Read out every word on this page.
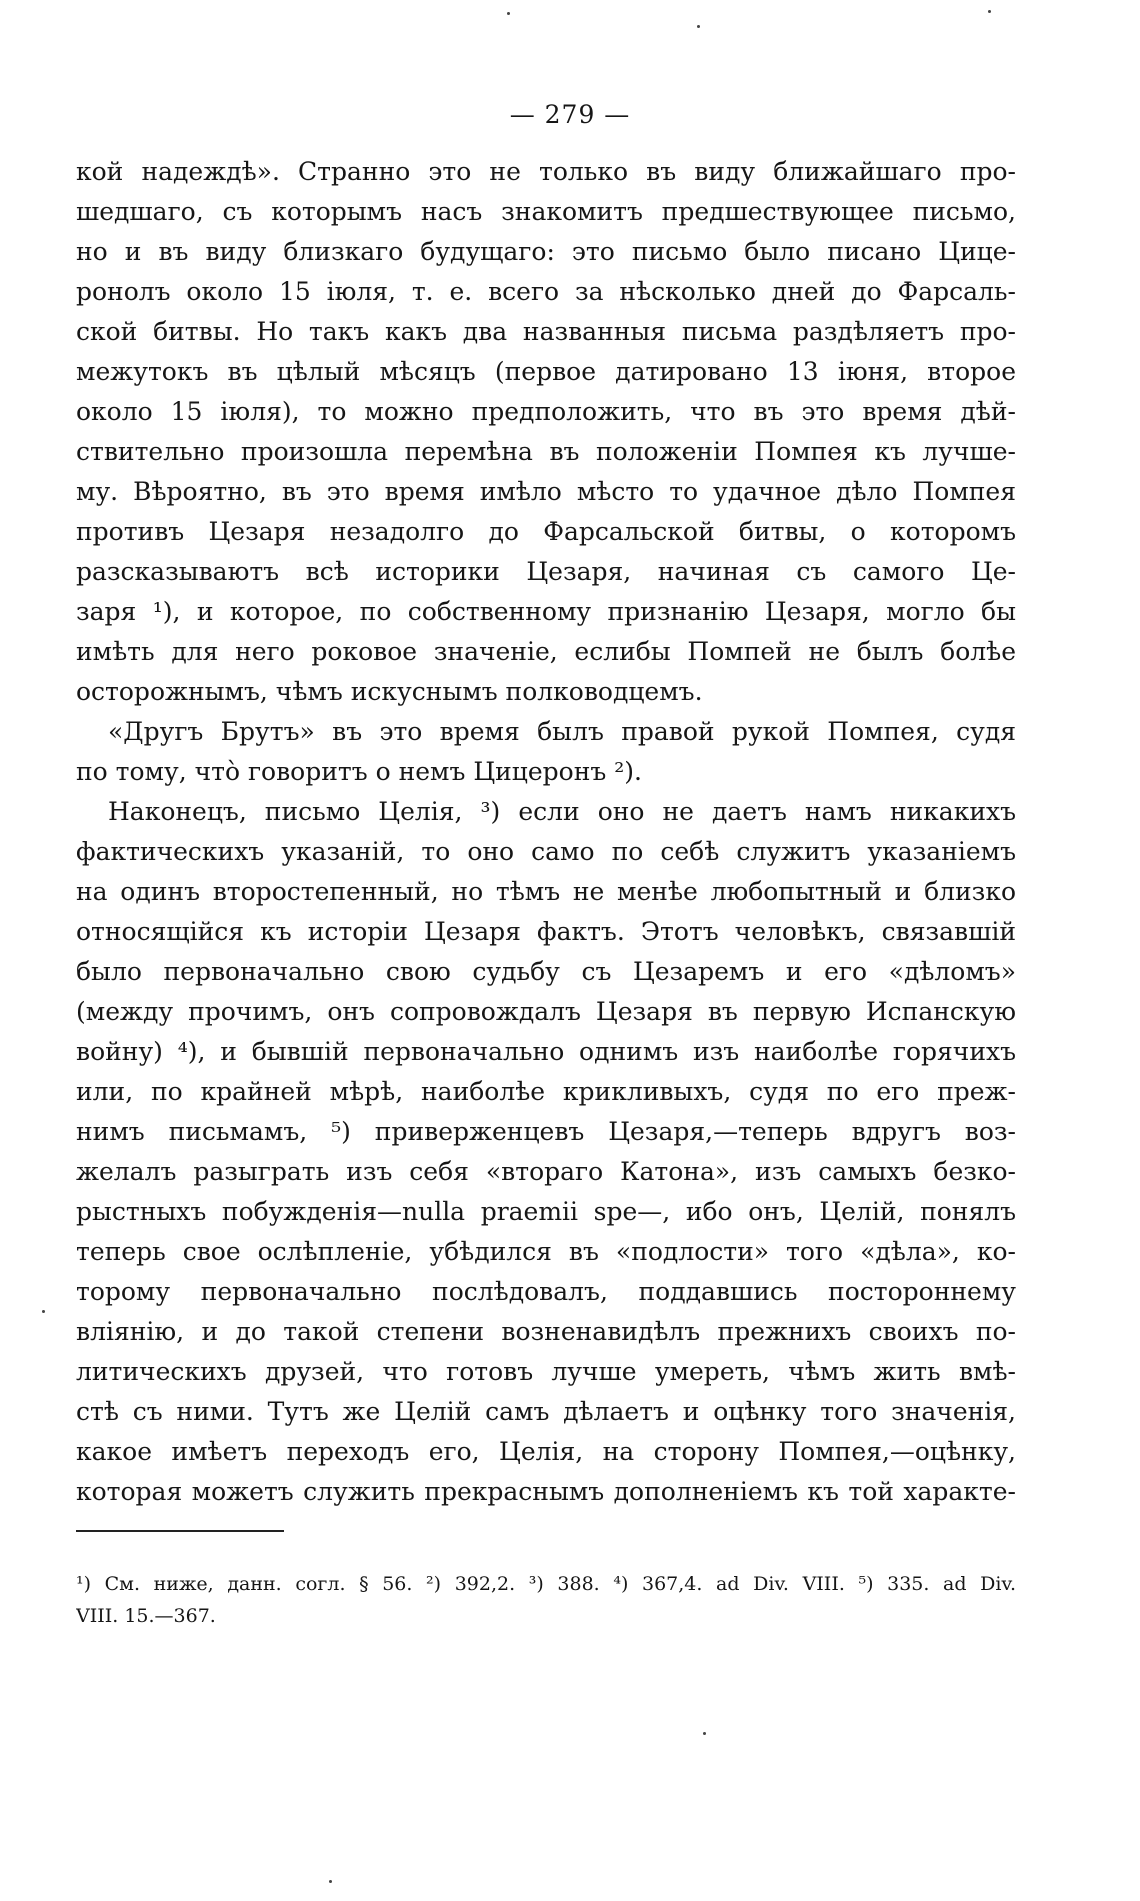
— 279 —
кой надеждѣ». Странно это не только въ виду ближайшаго про-
шедшаго, съ которымъ насъ знакомитъ предшествующее письмо,
но и въ виду близкаго будущаго: это письмо было писано Цице-
ронолъ около 15 іюля, т. е. всего за нѣсколько дней до Фарсаль-
ской битвы. Но такъ какъ два названныя письма раздѣляетъ про-
межутокъ въ цѣлый мѣсяцъ (первое датировано 13 іюня, второе
около 15 іюля), то можно предположить, что въ это время дѣй-
ствительно произошла перемѣна въ положеніи Помпея къ лучше-
му. Вѣроятно, въ это время имѣло мѣсто то удачное дѣло Помпея
противъ Цезаря незадолго до Фарсальской битвы, о которомъ
разсказываютъ всѣ историки Цезаря, начиная съ самого Це-
заря ¹), и которое, по собственному признанію Цезаря, могло бы
имѣть для него роковое значеніе, еслибы Помпей не былъ болѣе
осторожнымъ, чѣмъ искуснымъ полководцемъ.
«Другъ Брутъ» въ это время былъ правой рукой Помпея, судя
по тому, что̀ говоритъ о немъ Цицеронъ ²).
Наконецъ, письмо Целія, ³) если оно не даетъ намъ никакихъ
фактическихъ указаній, то оно само по себѣ служитъ указаніемъ
на одинъ второстепенный, но тѣмъ не менѣе любопытный и близко
относящійся къ исторіи Цезаря фактъ. Этотъ человѣкъ, связавшій
было первоначально свою судьбу съ Цезаремъ и его «дѣломъ»
(между прочимъ, онъ сопровождалъ Цезаря въ первую Испанскую
войну) ⁴), и бывшій первоначально однимъ изъ наиболѣе горячихъ
или, по крайней мѣрѣ, наиболѣе крикливыхъ, судя по его преж-
нимъ письмамъ, ⁵) приверженцевъ Цезаря,—теперь вдругъ воз-
желалъ разыграть изъ себя «втораго Катона», изъ самыхъ безко-
рыстныхъ побужденія—nulla praemii spe—, ибо онъ, Целій, понялъ
теперь свое ослѣпленіе, убѣдился въ «подлости» того «дѣла», ко-
торому первоначально послѣдовалъ, поддавшись постороннему
вліянію, и до такой степени возненавидѣлъ прежнихъ своихъ по-
литическихъ друзей, что готовъ лучше умереть, чѣмъ жить вмѣ-
стѣ съ ними. Тутъ же Целій самъ дѣлаетъ и оцѣнку того значенія,
какое имѣетъ переходъ его, Целія, на сторону Помпея,—оцѣнку,
которая можетъ служить прекраснымъ дополненіемъ къ той характе-
¹) См. ниже, данн. согл. § 56. ²) 392,2. ³) 388. ⁴) 367,4. ad Div. VIII. ⁵) 335. ad Div.
VIII. 15.—367.
